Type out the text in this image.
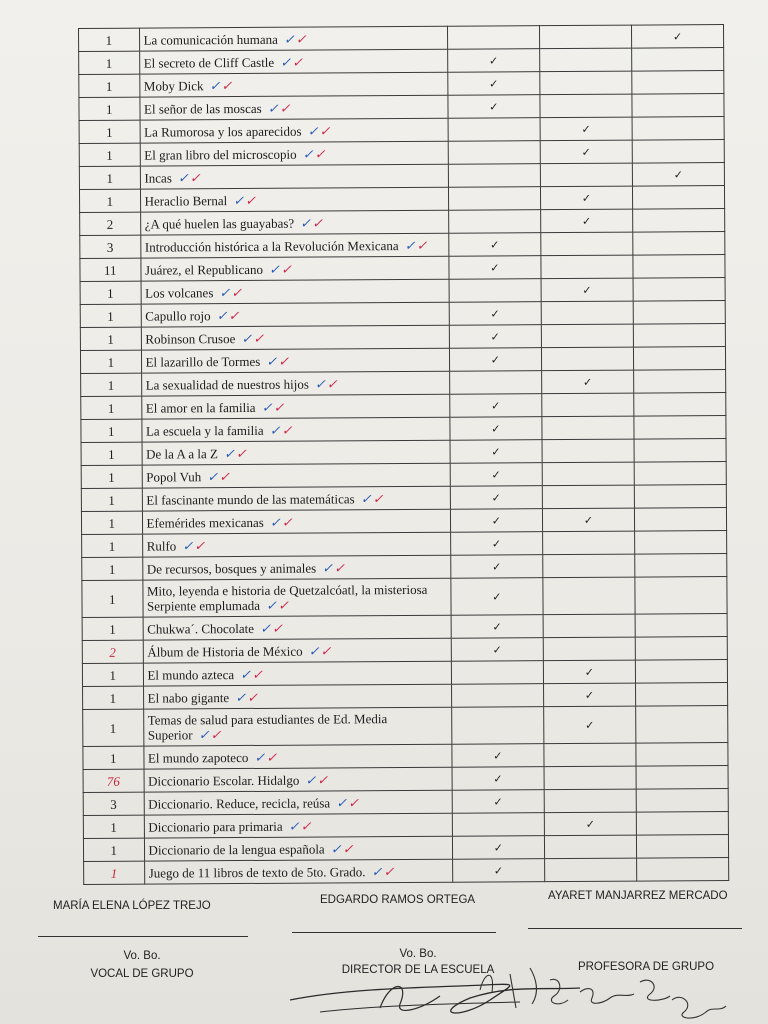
1	La comunicación humana ✓✓			✓
1	El secreto de Cliff Castle ✓✓	✓		
1	Moby Dick ✓✓	✓		
1	El señor de las moscas ✓✓	✓		
1	La Rumorosa y los aparecidos ✓✓		✓	
1	El gran libro del microscopio ✓✓		✓	
1	Incas ✓✓			✓
1	Heraclio Bernal ✓✓		✓	
2	¿A qué huelen las guayabas? ✓✓		✓	
3	Introducción histórica a la Revolución Mexicana ✓✓	✓		
11	Juárez, el Republicano ✓✓	✓		
1	Los volcanes ✓✓		✓	
1	Capullo rojo ✓✓	✓		
1	Robinson Crusoe ✓✓	✓		
1	El lazarillo de Tormes ✓✓	✓		
1	La sexualidad de nuestros hijos ✓✓		✓	
1	El amor en la familia ✓✓	✓		
1	La escuela y la familia ✓✓	✓		
1	De la A a la Z ✓✓	✓		
1	Popol Vuh ✓✓	✓		
1	El fascinante mundo de las matemáticas ✓✓	✓		
1	Efemérides mexicanas ✓✓	✓	✓	
1	Rulfo ✓✓	✓		
1	De recursos, bosques y animales ✓✓	✓		
1	Mito, leyenda e historia de Quetzalcóatl, la misteriosa Serpiente emplumada ✓✓	✓		
1	Chukwa´. Chocolate ✓✓	✓		
2	Álbum de Historia de México ✓✓	✓		
1	El mundo azteca ✓✓		✓	
1	El nabo gigante ✓✓		✓	
1	Temas de salud para estudiantes de Ed. Media Superior ✓✓		✓	
1	El mundo zapoteco ✓✓	✓		
76	Diccionario Escolar. Hidalgo ✓✓	✓		
3	Diccionario. Reduce, recicla, reúsa ✓✓	✓		
1	Diccionario para primaria ✓✓		✓	
1	Diccionario de la lengua española ✓✓	✓		
1	Juego de 11 libros de texto de 5to. Grado. ✓✓	✓		
MARÍA ELENA LÓPEZ TREJO	EDGARDO RAMOS ORTEGA	AYARET MANJARREZ MERCADO
Vo. Bo.
VOCAL DE GRUPO
Vo. Bo.
DIRECTOR DE LA ESCUELA	PROFESORA DE GRUPO
